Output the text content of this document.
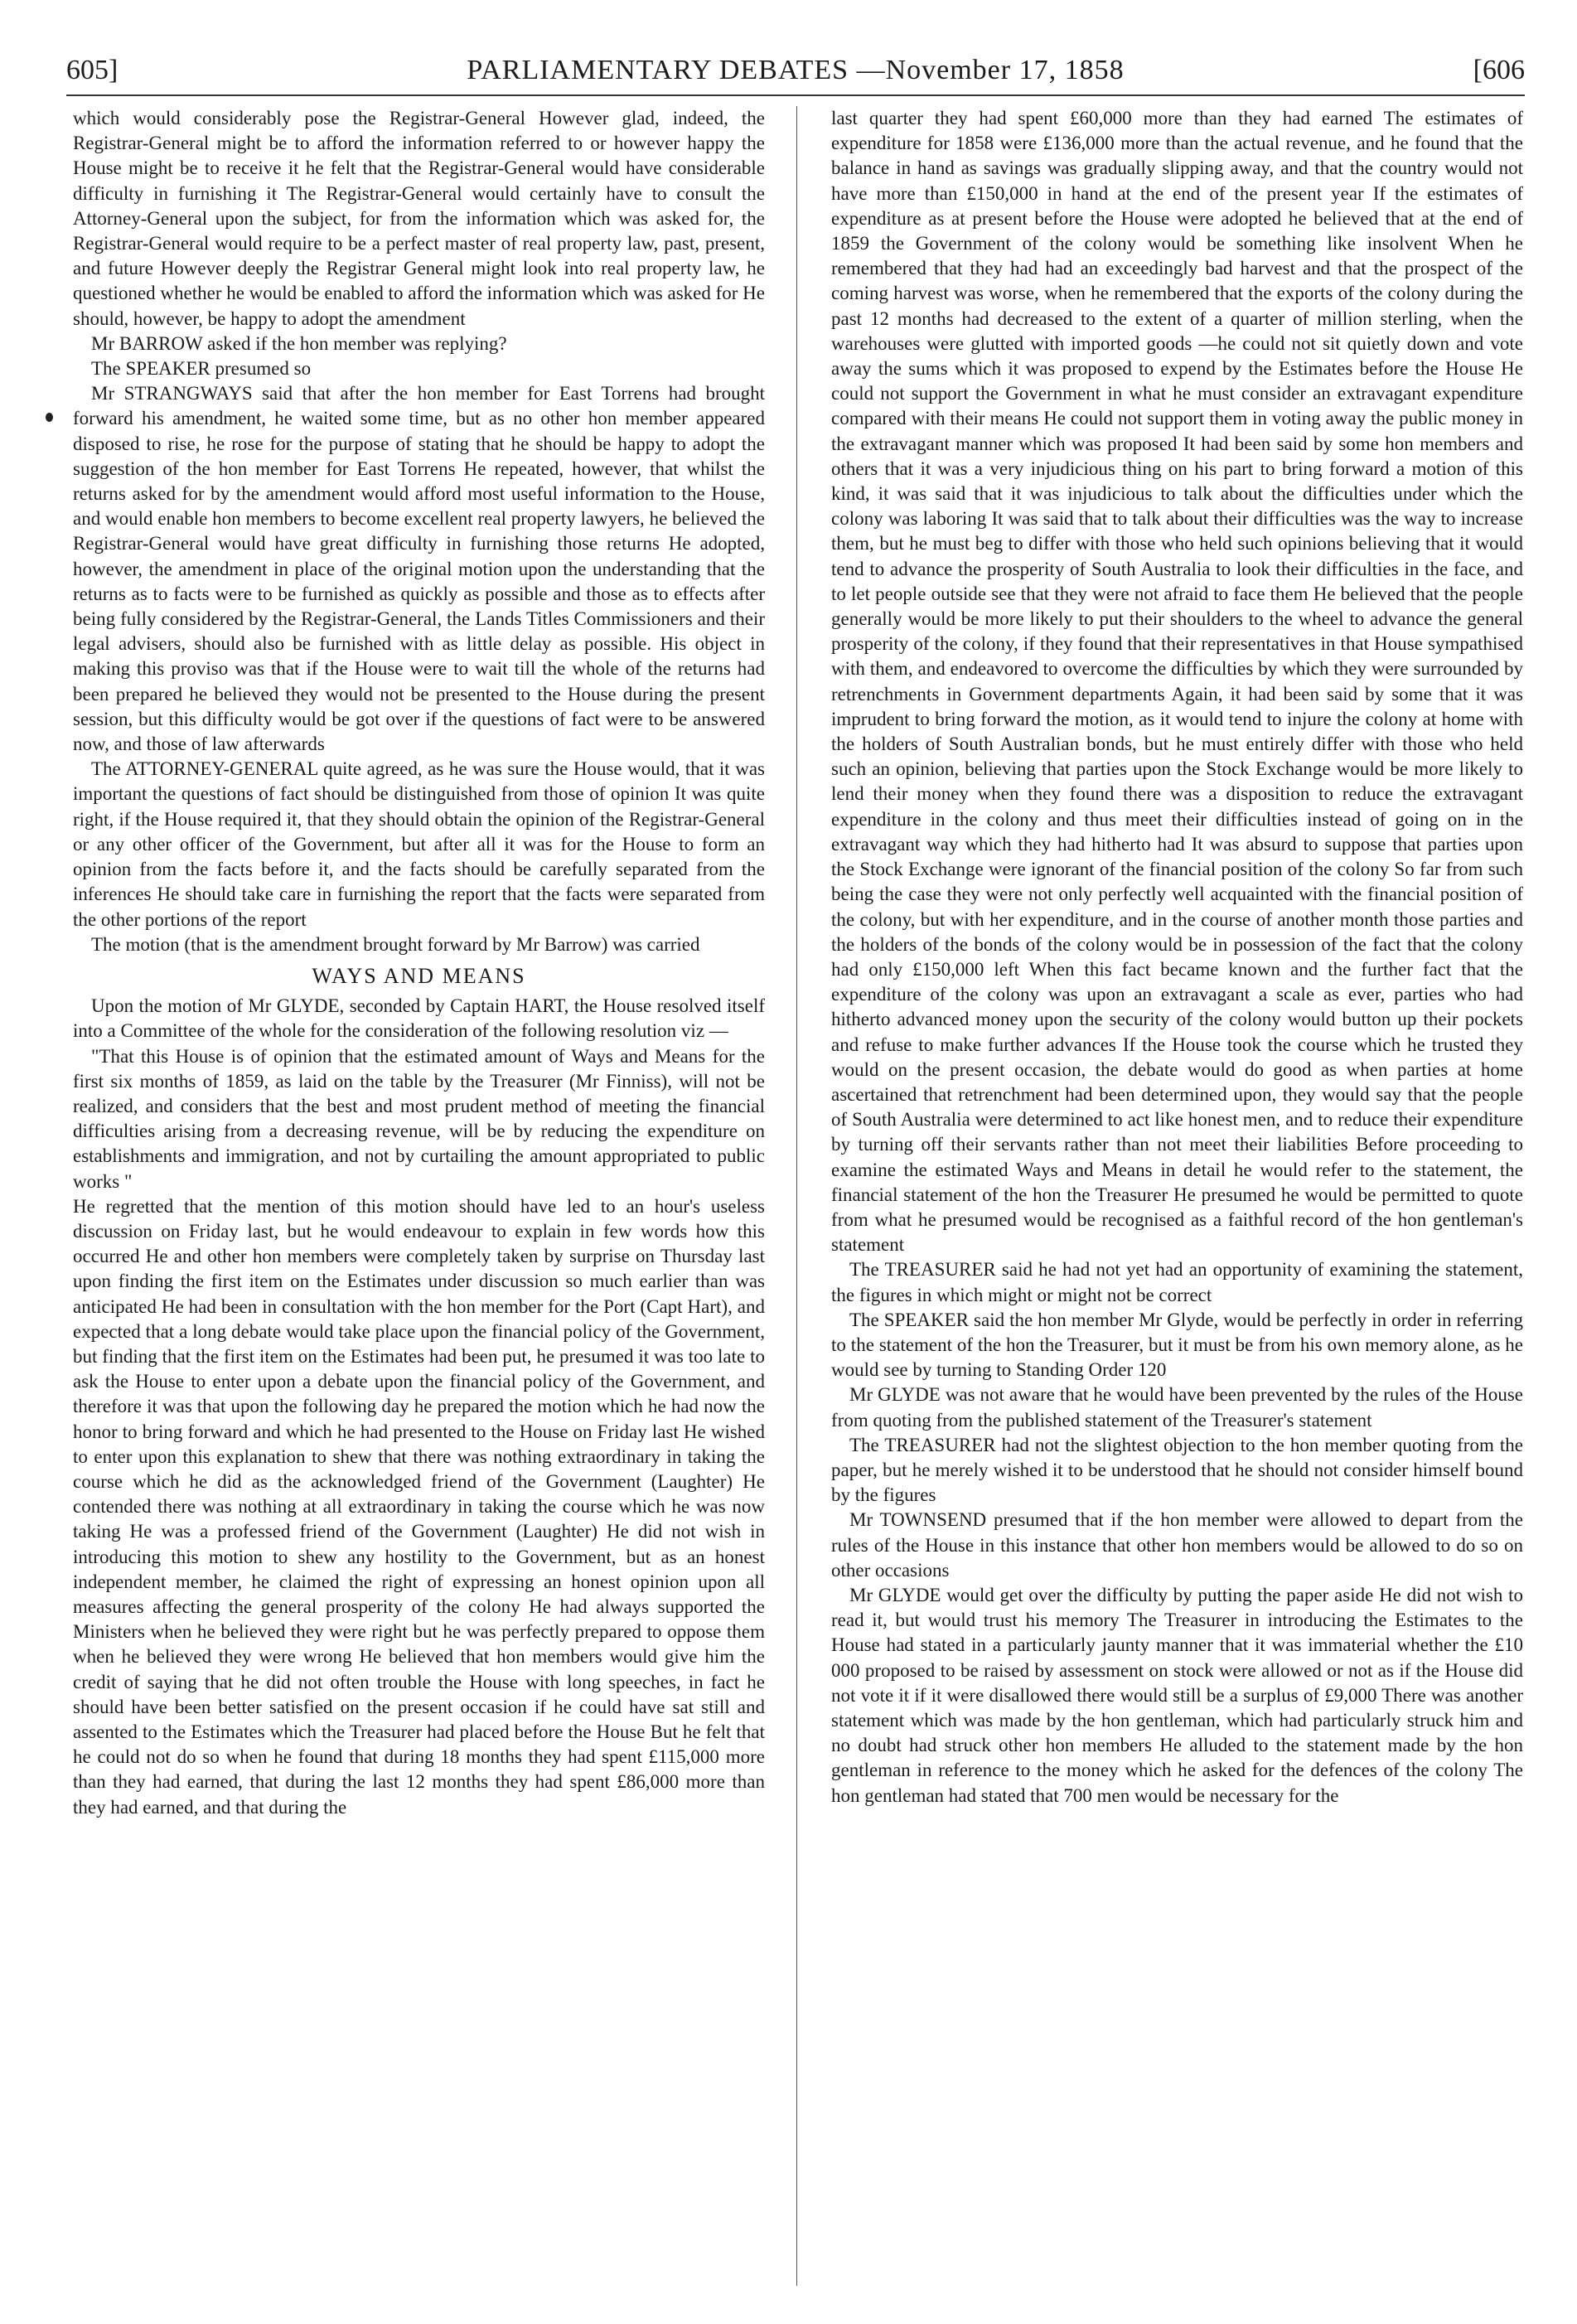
605]	PARLIAMENTARY DEBATES —November 17, 1858	[606

which would considerably pose the Registrar-General However glad, indeed, the Registrar-General might be to afford the information referred to or however happy the House might be to receive it he felt that the Registrar-General would have considerable difficulty in furnishing it The Registrar-General would certainly have to consult the Attorney-General upon the subject, for from the information which was asked for, the Registrar-General would require to be a perfect master of real property law, past, present, and future However deeply the Registrar General might look into real property law, he questioned whether he would be enabled to afford the information which was asked for He should, however, be happy to adopt the amendment

Mr BARROW asked if the hon member was replying?

The SPEAKER presumed so

Mr STRANGWAYS said that after the hon member for East Torrens had brought forward his amendment, he waited some time, but as no other hon member appeared disposed to rise, he rose for the purpose of stating that he should be happy to adopt the suggestion of the hon member for East Torrens He repeated, however, that whilst the returns asked for by the amendment would afford most useful information to the House, and would enable hon members to become excellent real property lawyers, he believed the Registrar-General would have great difficulty in furnishing those returns He adopted, however, the amendment in place of the original motion upon the understanding that the returns as to facts were to be furnished as quickly as possible and those as to effects after being fully considered by the Registrar-General, the Lands Titles Commissioners and their legal advisers, should also be furnished with as little delay as possible. His object in making this proviso was that if the House were to wait till the whole of the returns had been prepared he believed they would not be presented to the House during the present session, but this difficulty would be got over if the questions of fact were to be answered now, and those of law afterwards

The ATTORNEY-GENERAL quite agreed, as he was sure the House would, that it was important the questions of fact should be distinguished from those of opinion It was quite right, if the House required it, that they should obtain the opinion of the Registrar-General or any other officer of the Government, but after all it was for the House to form an opinion from the facts before it, and the facts should be carefully separated from the inferences He should take care in furnishing the report that the facts were separated from the other portions of the report

The motion (that is the amendment brought forward by Mr Barrow) was carried

WAYS AND MEANS

Upon the motion of Mr GLYDE, seconded by Captain HART, the House resolved itself into a Committee of the whole for the consideration of the following resolution viz —

"That this House is of opinion that the estimated amount of Ways and Means for the first six months of 1859, as laid on the table by the Treasurer (Mr Finniss), will not be realized, and considers that the best and most prudent method of meeting the financial difficulties arising from a decreasing revenue, will be by reducing the expenditure on establishments and immigration, and not by curtailing the amount appropriated to public works "

He regretted that the mention of this motion should have led to an hour's useless discussion on Friday last, but he would endeavour to explain in few words how this occurred He and other hon members were completely taken by surprise on Thursday last upon finding the first item on the Estimates under discussion so much earlier than was anticipated He had been in consultation with the hon member for the Port (Capt Hart), and expected that a long debate would take place upon the financial policy of the Government, but finding that the first item on the Estimates had been put, he presumed it was too late to ask the House to enter upon a debate upon the financial policy of the Government, and therefore it was that upon the following day he prepared the motion which he had now the honor to bring forward and which he had presented to the House on Friday last He wished to enter upon this explanation to shew that there was nothing extraordinary in taking the course which he did as the acknowledged friend of the Government (Laughter) He contended there was nothing at all extraordinary in taking the course which he was now taking He was a professed friend of the Government (Laughter) He did not wish in introducing this motion to shew any hostility to the Government, but as an honest independent member, he claimed the right of expressing an honest opinion upon all measures affecting the general prosperity of the colony He had always supported the Ministers when he believed they were right but he was perfectly prepared to oppose them when he believed they were wrong He believed that hon members would give him the credit of saying that he did not often trouble the House with long speeches, in fact he should have been better satisfied on the present occasion if he could have sat still and assented to the Estimates which the Treasurer had placed before the House But he felt that he could not do so when he found that during 18 months they had spent £115,000 more than they had earned, that during the last 12 months they had spent £86,000 more than they had earned, and that during the

last quarter they had spent £60,000 more than they had earned The estimates of expenditure for 1858 were £136,000 more than the actual revenue, and he found that the balance in hand as savings was gradually slipping away, and that the country would not have more than £150,000 in hand at the end of the present year If the estimates of expenditure as at present before the House were adopted he believed that at the end of 1859 the Government of the colony would be something like insolvent When he remembered that they had had an exceedingly bad harvest and that the prospect of the coming harvest was worse, when he remembered that the exports of the colony during the past 12 months had decreased to the extent of a quarter of million sterling, when the warehouses were glutted with imported goods —he could not sit quietly down and vote away the sums which it was proposed to expend by the Estimates before the House He could not support the Government in what he must consider an extravagant expenditure compared with their means He could not support them in voting away the public money in the extravagant manner which was proposed It had been said by some hon members and others that it was a very injudicious thing on his part to bring forward a motion of this kind, it was said that it was injudicious to talk about the difficulties under which the colony was laboring It was said that to talk about their difficulties was the way to increase them, but he must beg to differ with those who held such opinions believing that it would tend to advance the prosperity of South Australia to look their difficulties in the face, and to let people outside see that they were not afraid to face them He believed that the people generally would be more likely to put their shoulders to the wheel to advance the general prosperity of the colony, if they found that their representatives in that House sympathised with them, and endeavored to overcome the difficulties by which they were surrounded by retrenchments in Government departments Again, it had been said by some that it was imprudent to bring forward the motion, as it would tend to injure the colony at home with the holders of South Australian bonds, but he must entirely differ with those who held such an opinion, believing that parties upon the Stock Exchange would be more likely to lend their money when they found there was a disposition to reduce the extravagant expenditure in the colony and thus meet their difficulties instead of going on in the extravagant way which they had hitherto had It was absurd to suppose that parties upon the Stock Exchange were ignorant of the financial position of the colony So far from such being the case they were not only perfectly well acquainted with the financial position of the colony, but with her expenditure, and in the course of another month those parties and the holders of the bonds of the colony would be in possession of the fact that the colony had only £150,000 left When this fact became known and the further fact that the expenditure of the colony was upon an extravagant a scale as ever, parties who had hitherto advanced money upon the security of the colony would button up their pockets and refuse to make further advances If the House took the course which he trusted they would on the present occasion, the debate would do good as when parties at home ascertained that retrenchment had been determined upon, they would say that the people of South Australia were determined to act like honest men, and to reduce their expenditure by turning off their servants rather than not meet their liabilities Before proceeding to examine the estimated Ways and Means in detail he would refer to the statement, the financial statement of the hon the Treasurer He presumed he would be permitted to quote from what he presumed would be recognised as a faithful record of the hon gentleman's statement

The TREASURER said he had not yet had an opportunity of examining the statement, the figures in which might or might not be correct

The SPEAKER said the hon member Mr Glyde, would be perfectly in order in referring to the statement of the hon the Treasurer, but it must be from his own memory alone, as he would see by turning to Standing Order 120

Mr GLYDE was not aware that he would have been prevented by the rules of the House from quoting from the published statement of the Treasurer's statement

The TREASURER had not the slightest objection to the hon member quoting from the paper, but he merely wished it to be understood that he should not consider himself bound by the figures

Mr TOWNSEND presumed that if the hon member were allowed to depart from the rules of the House in this instance that other hon members would be allowed to do so on other occasions

Mr GLYDE would get over the difficulty by putting the paper aside He did not wish to read it, but would trust his memory The Treasurer in introducing the Estimates to the House had stated in a particularly jaunty manner that it was immaterial whether the £10 000 proposed to be raised by assessment on stock were allowed or not as if the House did not vote it if it were disallowed there would still be a surplus of £9,000 There was another statement which was made by the hon gentleman, which had particularly struck him and no doubt had struck other hon members He alluded to the statement made by the hon gentleman in reference to the money which he asked for the defences of the colony The hon gentleman had stated that 700 men would be necessary for the
